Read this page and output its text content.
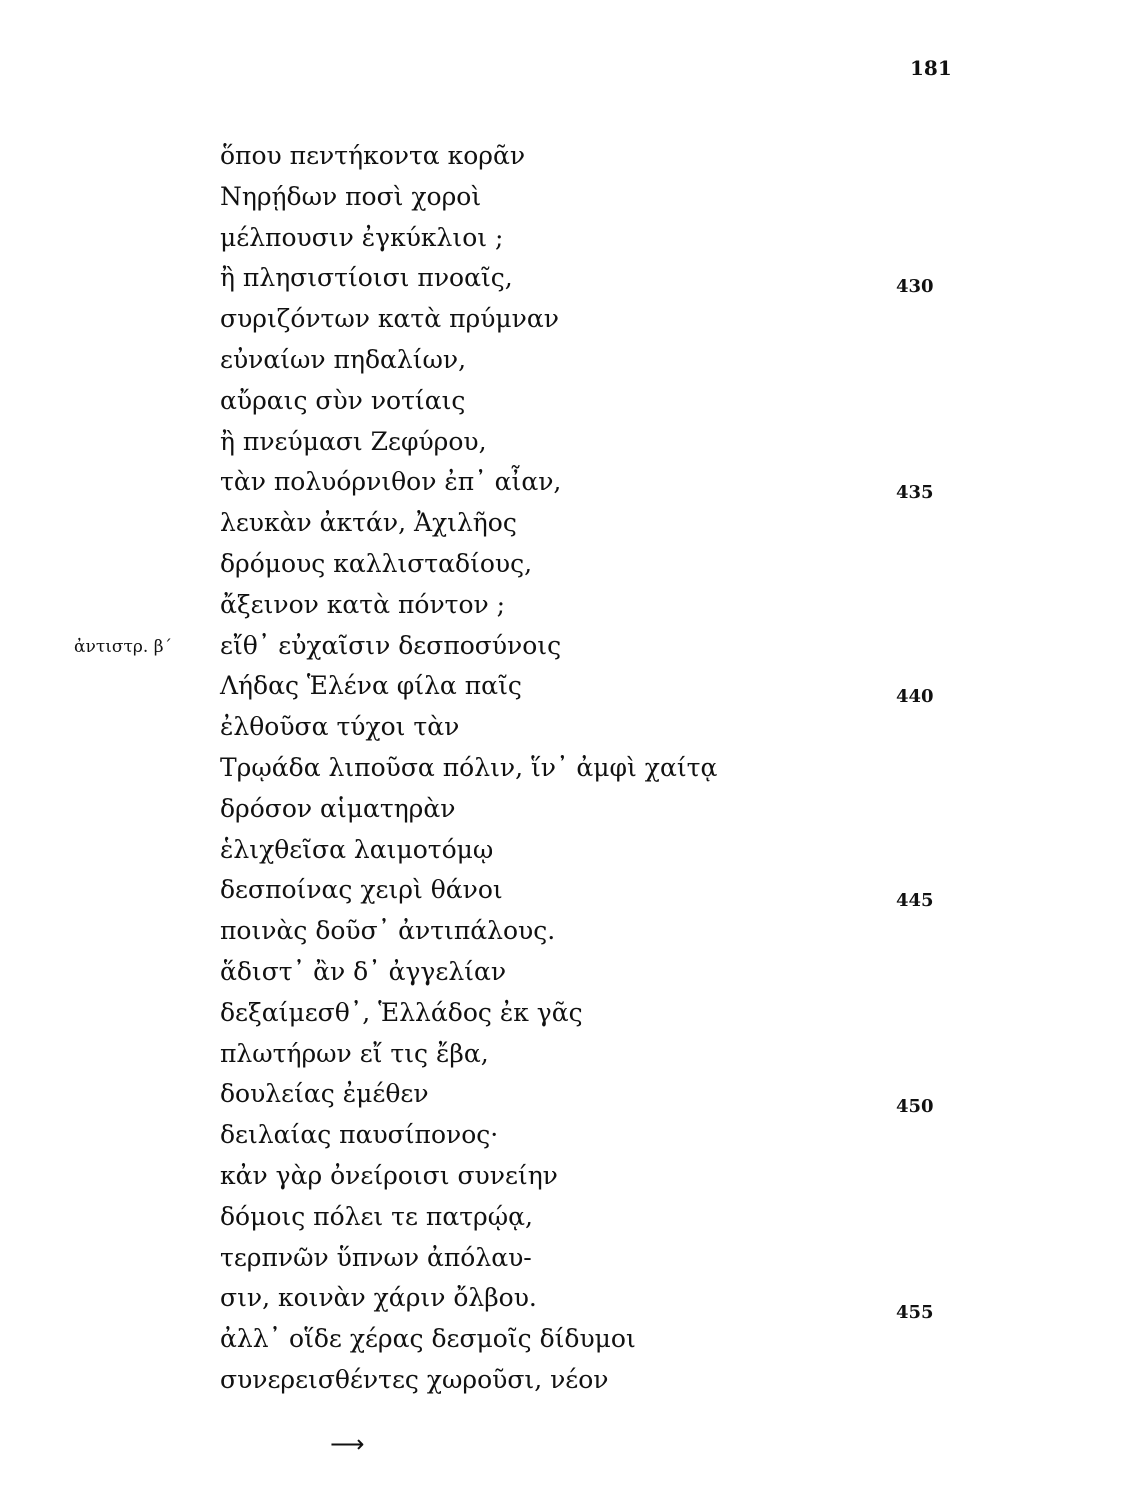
181
ἀντιστρ. β΄
ὅπου πεντήκοντα κορᾶν
Νηρῄδων ποσὶ χοροὶ
μέλπουσιν ἐγκύκλιοι ;
ἢ πλησιστίοισι πνοαῖς,
συριζόντων κατὰ πρύμναν
εὐναίων πηδαλίων,
αὔραις σὺν νοτίαις
ἢ πνεύμασι Ζεφύρου,
τὰν πολυόρνιθον ἐπ᾽ αἶαν,
λευκὰν ἀκτάν, Ἀχιλῆος
δρόμους καλλισταδίους,
ἄξεινον κατὰ πόντον ;
εἴθ᾽ εὐχαῖσιν δεσποσύνοις
Λήδας Ἑλένα φίλα παῖς
ἐλθοῦσα τύχοι τὰν
Τρῳάδα λιποῦσα πόλιν, ἵν᾽ ἀμφὶ χαίτᾳ
δρόσον αἱματηρὰν
ἑλιχθεῖσα λαιμοτόμῳ
δεσποίνας χειρὶ θάνοι
ποινὰς δοῦσ᾽ ἀντιπάλους.
ἅδιστ᾽ ἂν δ᾽ ἀγγελίαν
δεξαίμεσθ᾽, Ἑλλάδος ἐκ γᾶς
πλωτήρων εἴ τις ἔβα,
δουλείας ἐμέθεν
δειλαίας παυσίπονος·
κἀν γὰρ ὀνείροισι συνείην
δόμοις πόλει τε πατρῴᾳ,
τερπνῶν ὕπνων ἀπόλαυ-
σιν, κοινὰν χάριν ὄλβου.
ἀλλ᾽ οἵδε χέρας δεσμοῖς δίδυμοι
συνερεισθέντες χωροῦσι, νέον
430
435
440
445
450
455
⟶
